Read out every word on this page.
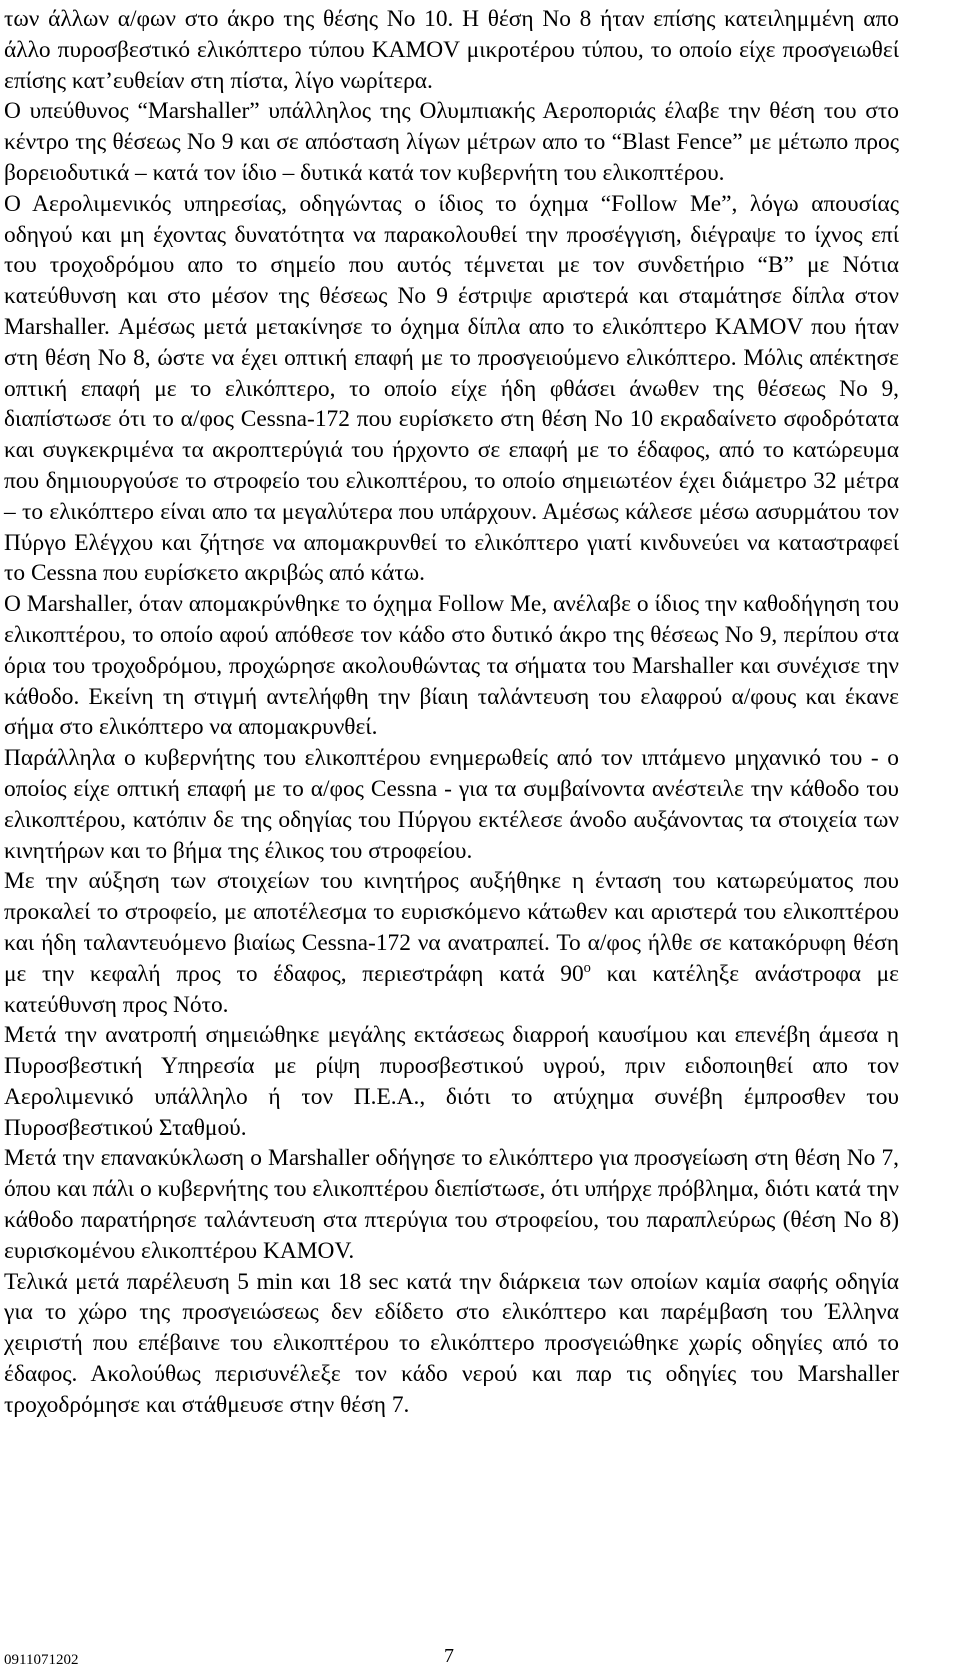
των άλλων α/φων στο άκρο της θέσης Νο 10. Η θέση Νο 8 ήταν επίσης κατειλημμένη απο άλλο πυροσβεστικό ελικόπτερο τύπου ΚΑΜΟV μικροτέρου τύπου, το οποίο είχε προσγειωθεί επίσης κατ’ευθείαν στη πίστα, λίγο νωρίτερα.

Ο υπεύθυνος “Marshaller” υπάλληλος της Ολυμπιακής Αεροποριάς έλαβε την θέση του στο κέντρο της θέσεως Νο 9 και σε απόσταση λίγων μέτρων απο το “Blast Fence” με μέτωπο προς βορειοδυτικά – κατά τον ίδιο – δυτικά κατά τον κυβερνήτη του ελικοπτέρου.

Ο Αερολιμενικός υπηρεσίας, οδηγώντας ο ίδιος το όχημα “Follow Me”, λόγω απουσίας οδηγού και μη έχοντας δυνατότητα να παρακολουθεί την προσέγγιση, διέγραψε το ίχνος επί του τροχοδρόμου απο το σημείο που αυτός τέμνεται με τον συνδετήριο “Β” με Νότια κατεύθυνση και στο μέσον της θέσεως Νο 9 έστριψε αριστερά και σταμάτησε δίπλα στον Marshaller. Αμέσως μετά μετακίνησε το όχημα δίπλα απο το ελικόπτερο ΚΑΜΟV που ήταν στη θέση Νο 8, ώστε να έχει οπτική επαφή με το προσγειούμενο ελικόπτερο. Μόλις απέκτησε οπτική επαφή με το ελικόπτερο, το οποίο είχε ήδη φθάσει άνωθεν της θέσεως Νο 9, διαπίστωσε ότι το α/φος Cessna-172 που ευρίσκετο στη θέση Νο 10 εκραδαίνετο σφοδρότατα και συγκεκριμένα τα ακροπτερύγιά του ήρχοντο σε επαφή με το έδαφος, από το κατώρευμα που δημιουργούσε το στροφείο του ελικοπτέρου, το οποίο σημειωτέον έχει διάμετρο 32 μέτρα – το ελικόπτερο είναι απο τα μεγαλύτερα που υπάρχουν. Αμέσως κάλεσε μέσω ασυρμάτου τον Πύργο Ελέγχου και ζήτησε να απομακρυνθεί το ελικόπτερο γιατί κινδυνεύει να καταστραφεί το Cessna που ευρίσκετο ακριβώς από κάτω.

Ο Marshaller, όταν απομακρύνθηκε το όχημα Follow Me, ανέλαβε ο ίδιος την καθοδήγηση του ελικοπτέρου, το οποίο αφού απόθεσε τον κάδο στο δυτικό άκρο της θέσεως Νο 9, περίπου στα όρια του τροχοδρόμου, προχώρησε ακολουθώντας τα σήματα του Marshaller και συνέχισε την κάθοδο. Εκείνη τη στιγμή αντελήφθη την βίαιη ταλάντευση του ελαφρού α/φους και έκανε σήμα στο ελικόπτερο να απομακρυνθεί.

Παράλληλα ο κυβερνήτης του ελικοπτέρου ενημερωθείς από τον ιπτάμενο μηχανικό του - ο οποίος είχε οπτική επαφή με το α/φος Cessna - για τα συμβαίνοντα ανέστειλε την κάθοδο του ελικοπτέρου, κατόπιν δε της οδηγίας του Πύργου εκτέλεσε άνοδο αυξάνοντας τα στοιχεία των κινητήρων και το βήμα της έλικος του στροφείου.

Με την αύξηση των στοιχείων του κινητήρος αυξήθηκε η ένταση του κατωρεύματος που προκαλεί το στροφείο, με αποτέλεσμα το ευρισκόμενο κάτωθεν και αριστερά του ελικοπτέρου και ήδη ταλαντευόμενο βιαίως Cessna-172 να ανατραπεί. Το α/φος ήλθε σε κατακόρυφη θέση με την κεφαλή προς το έδαφος, περιεστράφη κατά $90^o$ και κατέληξε ανάστροφα με κατεύθυνση προς Νότο.

Μετά την ανατροπή σημειώθηκε μεγάλης εκτάσεως διαρροή καυσίμου και επενέβη άμεσα η Πυροσβεστική Υπηρεσία με ρίψη πυροσβεστικού υγρού, πριν ειδοποιηθεί απο τον Αερολιμενικό υπάλληλο ή τον Π.Ε.Α., διότι το ατύχημα συνέβη έμπροσθεν του Πυροσβεστικού Σταθμού.

Μετά την επανακύκλωση ο Marshaller οδήγησε το ελικόπτερο για προσγείωση στη θέση Νο 7, όπου και πάλι ο κυβερνήτης του ελικοπτέρου διεπίστωσε, ότι υπήρχε πρόβλημα, διότι κατά την κάθοδο παρατήρησε ταλάντευση στα πτερύγια του στροφείου, του παραπλεύρως (θέση Νο 8) ευρισκομένου ελικοπτέρου ΚΑΜΟV.

Τελικά μετά παρέλευση 5 min και 18 sec κατά την διάρκεια των οποίων καμία σαφής οδηγία για το χώρο της προσγειώσεως δεν εδίδετο στο ελικόπτερο και παρέμβαση του Έλληνα χειριστή που επέβαινε του ελικοπτέρου το ελικόπτερο προσγειώθηκε χωρίς οδηγίες από το έδαφος. Ακολούθως περισυνέλεξε τον κάδο νερού και παρ τις οδηγίες του Marshaller τροχοδρόμησε και στάθμευσε στην θέση 7.

0911071202	7
